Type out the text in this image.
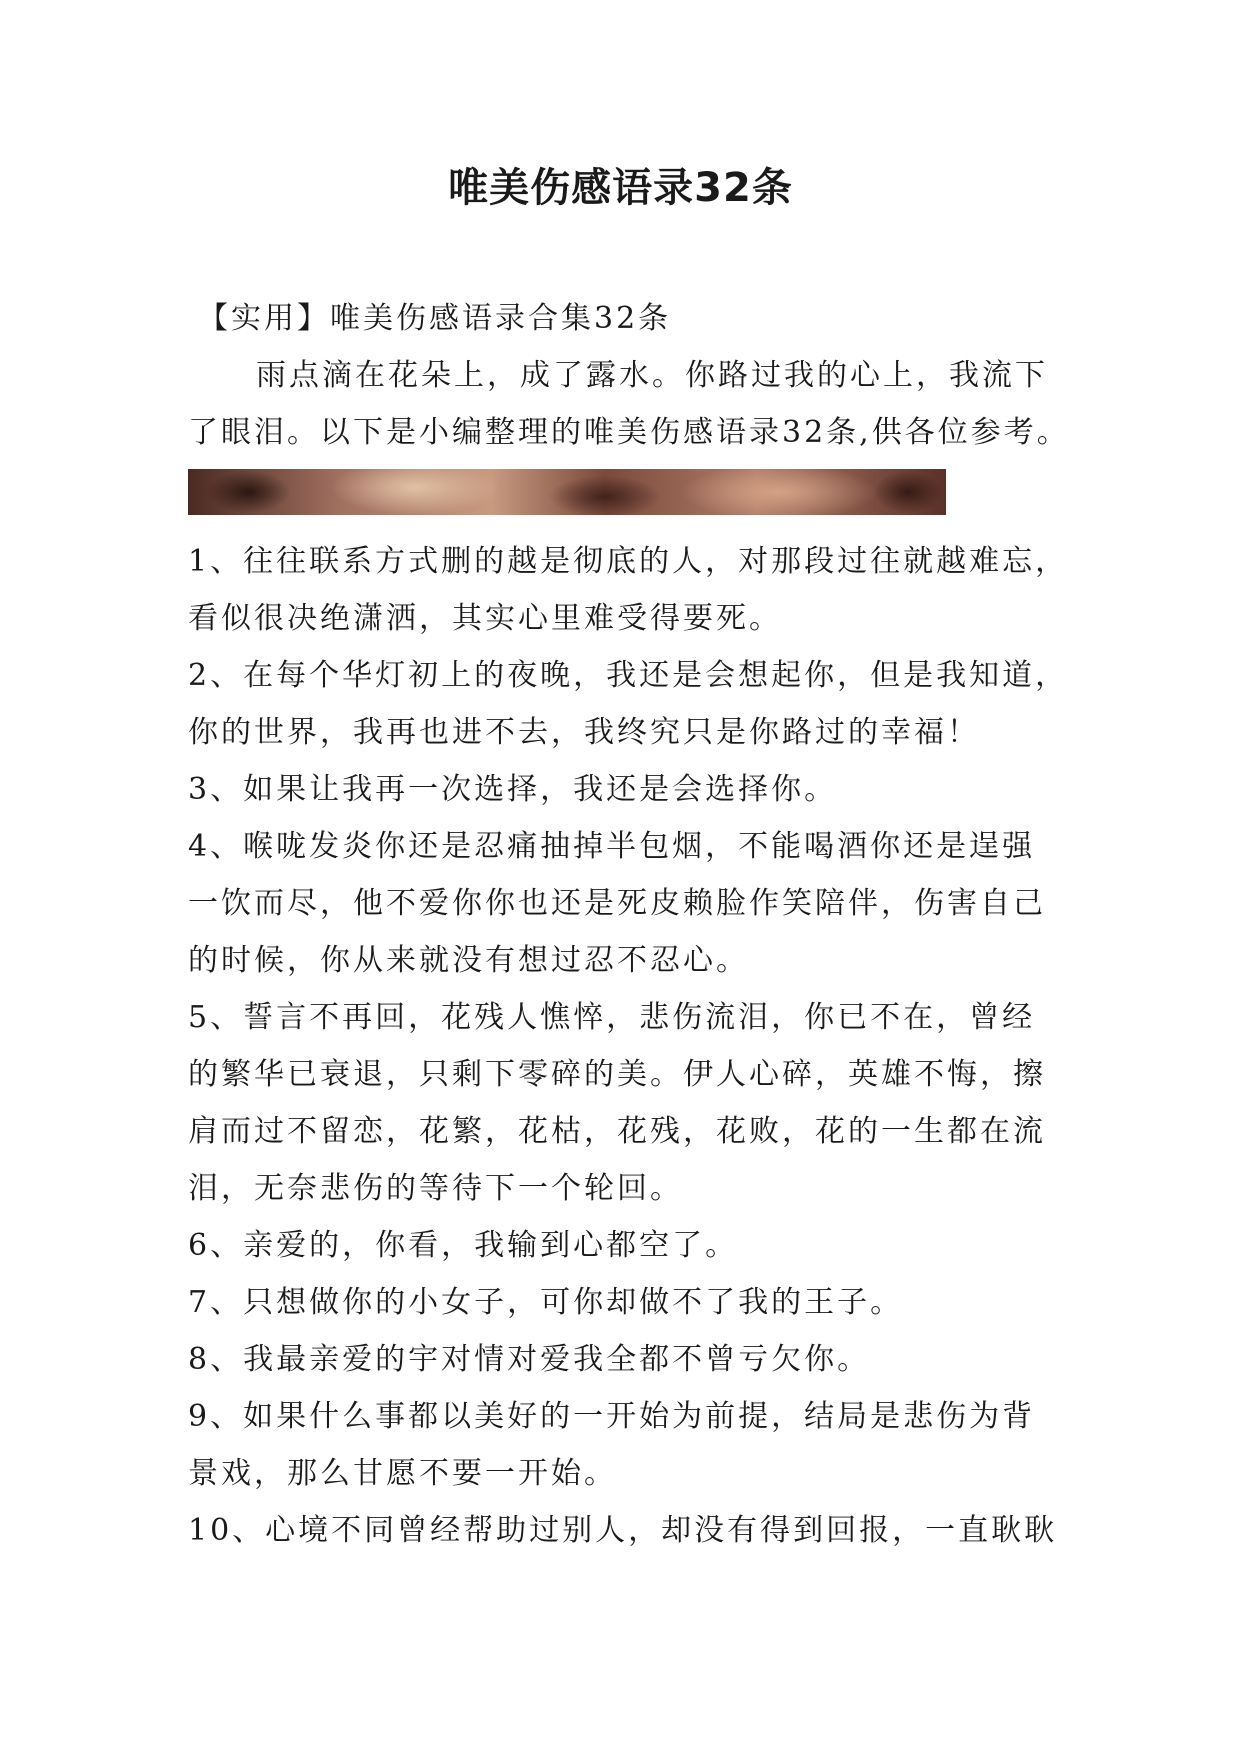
唯美伤感语录32条
【实用】唯美伤感语录合集32条
雨点滴在花朵上，成了露水。你路过我的心上，我流下
了眼泪。以下是小编整理的唯美伤感语录32条,供各位参考。
1、往往联系方式删的越是彻底的人，对那段过往就越难忘，
看似很决绝潇洒，其实心里难受得要死。
2、在每个华灯初上的夜晚，我还是会想起你，但是我知道，
你的世界，我再也进不去，我终究只是你路过的幸福！
3、如果让我再一次选择，我还是会选择你。
4、喉咙发炎你还是忍痛抽掉半包烟，不能喝酒你还是逞强
一饮而尽，他不爱你你也还是死皮赖脸作笑陪伴，伤害自己
的时候，你从来就没有想过忍不忍心。
5、誓言不再回，花残人憔悴，悲伤流泪，你已不在，曾经
的繁华已衰退，只剩下零碎的美。伊人心碎，英雄不悔，擦
肩而过不留恋，花繁，花枯，花残，花败，花的一生都在流
泪，无奈悲伤的等待下一个轮回。
6、亲爱的，你看，我输到心都空了。
7、只想做你的小女子，可你却做不了我的王子。
8、我最亲爱的宇对情对爱我全都不曾亏欠你。
9、如果什么事都以美好的一开始为前提，结局是悲伤为背
景戏，那么甘愿不要一开始。
10、心境不同曾经帮助过别人，却没有得到回报，一直耿耿
